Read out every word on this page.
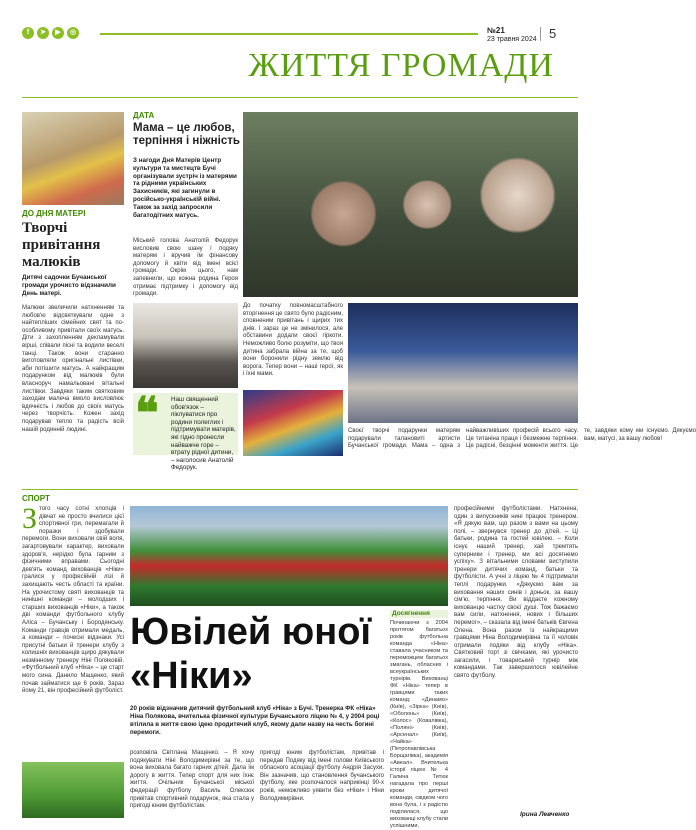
f	➤	▶	◎	№21
23 травня 2024 5
ЖИТТЯ ГРОМАДИ
ДО ДНЯ МАТЕРІ
Творчі привітання малюків
Дитячі садочки Бучанської громади урочисто відзначили День матері.
Малюки звеличили натхненням та любов'ю відсвяткували одне з найтепліших сімейних свят та по-особливому привітали своїх матусь. Діти з захопленням декламували вірші, співали пісні та водили веселі танці. Також вони старанно виготовляли оригінальні листівки, аби потішити матусь. А найкращим подарунком від малюків були власноруч намальовані вітальні листівки. Завдяки таким святковим заходам малеча вмоло висловлює вдячність і любов до своїх матусь через творчість. Кожен захід подарував тепло та радість всій нашій родинній людині.
ДАТА
Мама – це любов, терпіння і ніжність
З нагоди Дня Матерів Центр культури та мистецтв Бучі організували зустріч із матерями та рідними українських Захисників, які загинули в російсько-українській війні. Також за захід запросили багатодітних матусь.
Міський голова Анатолій Федорук висловив свою шану і подяку матерям і вручив їм фінансову допомогу й квіти від імені всієї громади. Окрім цього, нам запевнили, що кожна родина Героя отримає підтримку і допомогу від громади.
❝ Наш священний обов'язок – піклуватися про родини полеглих і підтримувати матерів, які гідно пронесли найважче горе – втрату рідної дитини, – наголосив Анатолій Федорук.
До початку повномасштабного вторгнення це свято було радісним, сповненим привітань і щирих тих днів. І зараз це не змінилося, але обставини додали своєї гіркоти. Неможливо болю розуміти, що твоя дитина забрала війна за те, щоб вони боронили рідну землю від ворога. Тепер вони – наші герої, як і їхні мами.
Своєї творчі подарунки матерям подарували талановиті артисти Бучанської громади. Мама – одна з найважливіших професій всього часу. Це титаніна праця і безмежне терпіння. Це радісні, безцінні моменти життя. Це те, завдяки кому ми існуємо. Дякуємо вам, матусі, за вашу любов!
СПОРТ
Зтого часу сотні хлопців і дівчат не просто вчилися цієї спортивної гри, перемагали й поразки і здобували перемоги. Вони виховали свій воля, загартовували характер, виховали здоров'я, нерідко була гарним з фізичними вправами. Сьогодні дев'ять команд вихованців «Ніки» гралися у професійній лізі й захищають честь області та країни. На урочистому святі вихованців та нинішні команди – молодших і старших вихованців «Ніки», а також дві команди футбольного клубу Аліса – Бучанську і Бородянську. Команди гравців отримали медаль, а команди – почесні відзнаки. Усі присутні батьки й тренери клубу з колишніх вихованців щиро дякували незмінному тренеру Ніні Поляковій. «Футбольний клуб «Ніка» – це старт мого сина. Данило Мащенко, який почав займатися ще 6 років. Зараз йому 21, він професійний футболіст.
Ювілей юної
«Ніки»
20 років відзначив дитячий футбольний клуб «Ніка» з Бучі. Тренерка ФК «Ніка» Ніна Полякова, вчителька фізичної культури Бучанського ліцею № 4, у 2004 році втілила в життя свою ідею продитячий клуб, якому дали назву на честь богині перемоги.
розповіла Світлана Мащенко. – Я хочу подякувати Ніні Володимирівні за те, що вона виховала багато гарних дітей. Дала їм дорогу в життя. Тепер спорт для них їхнє життя. Очільник Бучанської міської федерації футболу Василь Олексюк привітав спортивний подарунок, яка стала у пригоді юним футболістам.
пригоді юним футболістам, привітав і передав Подяку від імені голови Київського обласного асоціації футболу Андрія Засухи. Він зазначив, що становлення бучанського футболу, яке розпочалося наприкінці 90-х років, неможливо уявити без «Ніки» і Ніни Володимирівни.
Досягнення
Починаючи з 2004 протягом багатьох років футбольна команда «Ніка» ставала учасником та переможцем багатьох змагань, обласних і всеукраїнських турнірів. Вихованці ФК «Ніка» тепер в гравцями таких команд: «Динамо» (Київ), «Зірка» (Київ), «Оболонь» (Київ), «Колос» (Ковалівка), «Поляні» (Київ), «Арсенал» (Київ), «Чайка» (Петропавлівська Борщагівка), академія «Авеал». Вчителька історії ліцею № 4 Галина Титюк нагадала про перші кроки дитячої команди, свідком чого вона була, і з радістю поділилася, що вихованці клубу стали успішними,
професійними футболістами. Натхнена, один з випускників нині працює тренером. «Я дякую вам, що разом з вами на цьому полі, – звернувся тренер до дітей. – Ці батьки, родина та гостей ювілею. – Коли існує наший тренер, хай тремтять суперники і тренер, ми всі досягнемо успіху». З вітальними словами виступили тренери дитячих команд, батьки та футболісти. А учні з ліцею № 4 підтримали теплі подарунки. «Дякуємо вам за виховання наших синів і доньок, за вашу сім'ю, терпіння. Ви віддаєте кожному вихованцю частку своєї душі. Тож бажаємо вам сили, натхнення, нових і більших перемог», – сказала від імені батьків Євгена Олена. Вона разом із найкращими гравцями Ніна Володимирівна та її чоловік отримали подяки від клубу «Ніка». Святковий торт зі свічками, які урочисто загасили, і товариський турнір між командами. Так завершилося ювілейне свято футболу.
Ірина Левченко
